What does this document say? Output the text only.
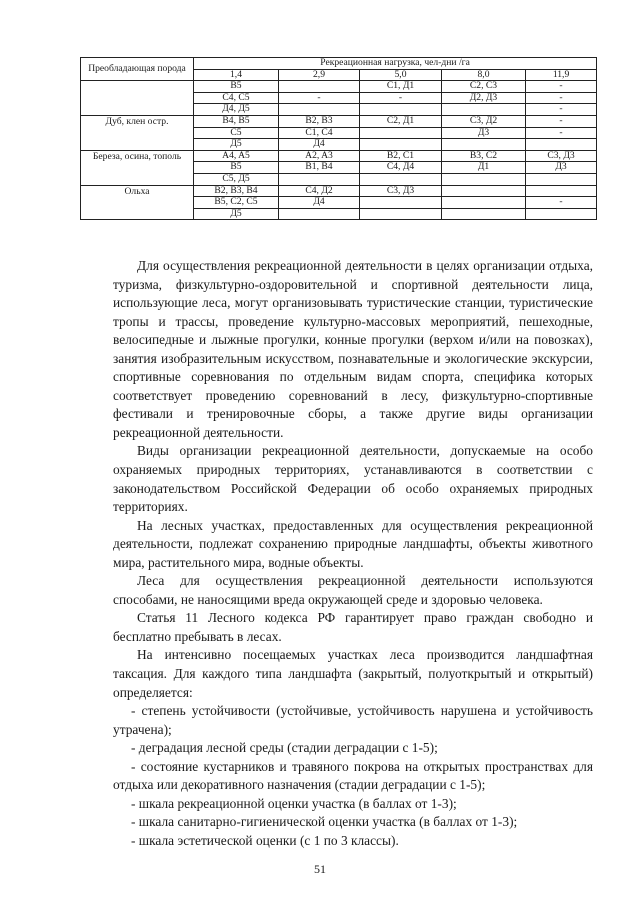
Преобладающая порода	Рекреационная нагрузка, чел-дни /га				
	1,4	2,9	5,0	8,0	11,9
	B5		C1, Д1	C2, C3	-
	C4, C5	-	-	Д2, Д3	-
	Д4, Д5				-
Дуб, клен остр.	B4, B5	B2, B3	C2, Д1	C3, Д2	-
	C5	C1, C4		Д3	-
	Д5	Д4			
Береза, осина, тополь	A4, A5	A2, A3	B2, C1	B3, C2	C3, Д3
	B5	B1, B4	C4, Д4	Д1	Д3
	C5, Д5				
Ольха	B2, B3, B4	C4, Д2	C3, Д3		
	B5, C2, C5	Д4			-
	Д5				

Для осуществления рекреационной деятельности в целях организации отдыха, туризма, физкультурно-оздоровительной и спортивной деятельности лица, использующие леса, могут организовывать туристические станции, туристические тропы и трассы, проведение культурно-массовых мероприятий, пешеходные, велосипедные и лыжные прогулки, конные прогулки (верхом и/или на повозках), занятия изобразительным искусством, познавательные и экологические экскурсии, спортивные соревнования по отдельным видам спорта, специфика которых соответствует проведению соревнований в лесу, физкультурно-спортивные фестивали и тренировочные сборы, а также другие виды организации рекреационной деятельности.

Виды организации рекреационной деятельности, допускаемые на особо охраняемых природных территориях, устанавливаются в соответствии с законодательством Российской Федерации об особо охраняемых природных территориях.

На лесных участках, предоставленных для осуществления рекреационной деятельности, подлежат сохранению природные ландшафты, объекты животного мира, растительного мира, водные объекты.

Леса для осуществления рекреационной деятельности используются способами, не наносящими вреда окружающей среде и здоровью человека.

Статья 11 Лесного кодекса РФ гарантирует право граждан свободно и бесплатно пребывать в лесах.

На интенсивно посещаемых участках леса производится ландшафтная таксация. Для каждого типа ландшафта (закрытый, полуоткрытый и открытый) определяется:

- степень устойчивости (устойчивые, устойчивость нарушена и устойчивость утрачена);

- деградация лесной среды (стадии деградации с 1-5);

- состояние кустарников и травяного покрова на открытых пространствах для отдыха или декоративного назначения (стадии деградации с 1-5);

- шкала рекреационной оценки участка (в баллах от 1-3);

- шкала санитарно-гигиенической оценки участка (в баллах от 1-3);

- шкала эстетической оценки (с 1 по 3 классы).

51
